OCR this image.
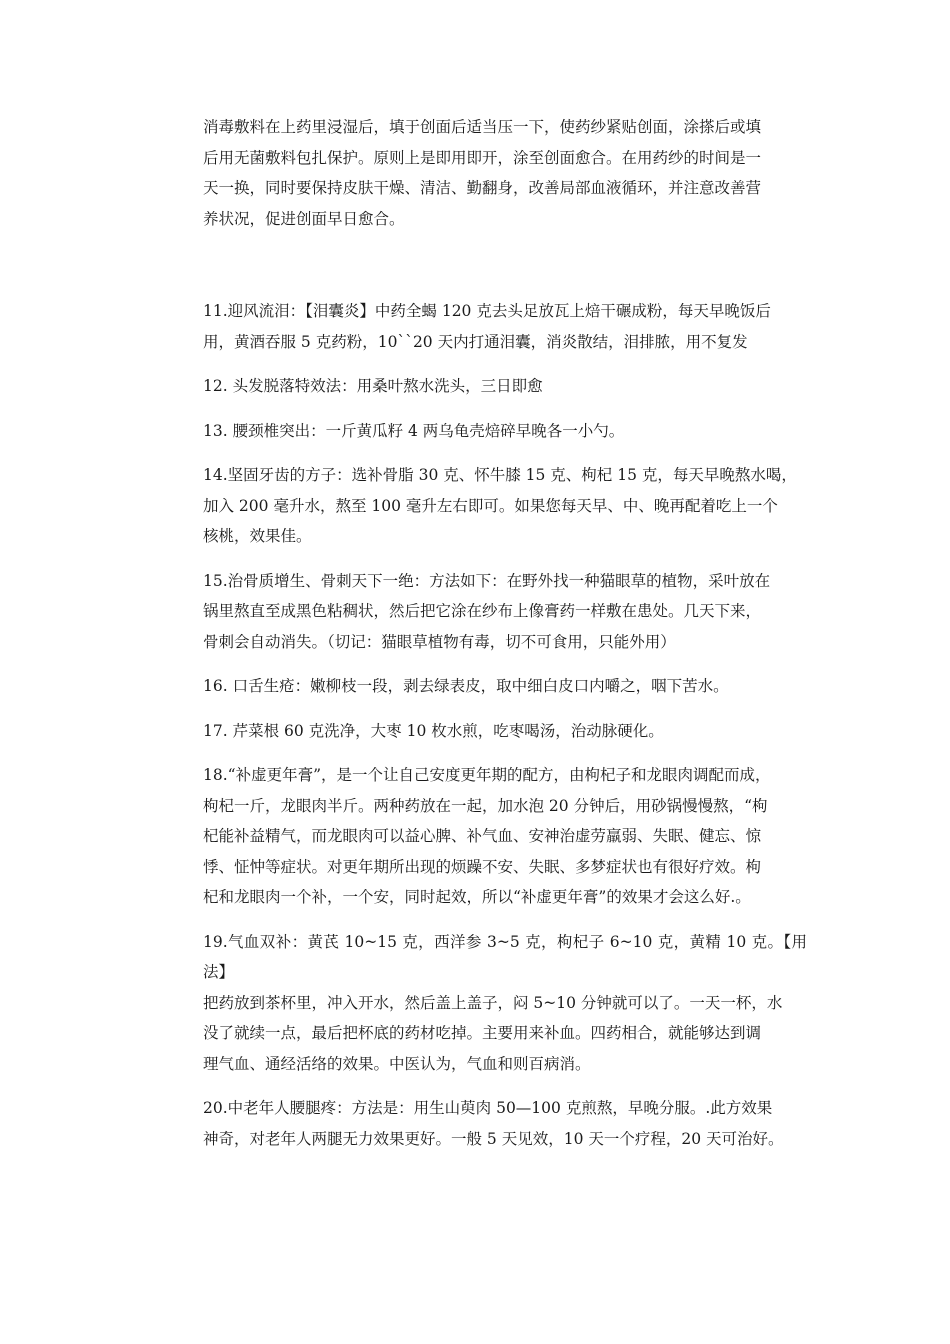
消毒敷料在上药里浸湿后，填于创面后适当压一下，使药纱紧贴创面，涂搽后或填
后用无菌敷料包扎保护。原则上是即用即开，涂至创面愈合。在用药纱的时间是一
天一换，同时要保持皮肤干燥、清洁、勤翻身，改善局部血液循环，并注意改善营
养状况，促进创面早日愈合。

11.迎风流泪：【泪囊炎】中药全蝎 120 克去头足放瓦上焙干碾成粉，每天早晚饭后
用，黄酒吞服 5 克药粉，10``20 天内打通泪囊，消炎散结，泪排脓，用不复发

12. 头发脱落特效法：用桑叶熬水洗头，三日即愈

13. 腰颈椎突出：一斤黄瓜籽 4 两乌龟壳焙碎早晚各一小勺。

14.坚固牙齿的方子：选补骨脂 30 克、怀牛膝 15 克、枸杞 15 克，每天早晚熬水喝，
加入 200 毫升水，熬至 100 毫升左右即可。如果您每天早、中、晚再配着吃上一个
核桃，效果佳。

15.治骨质增生、骨刺天下一绝：方法如下：在野外找一种猫眼草的植物，采叶放在
锅里熬直至成黑色粘稠状，然后把它涂在纱布上像膏药一样敷在患处。几天下来，
骨刺会自动消失。（切记：猫眼草植物有毒，切不可食用，只能外用）

16. 口舌生疮：嫩柳枝一段，剥去绿表皮，取中细白皮口内嚼之，咽下苦水。

17. 芹菜根 60 克洗净，大枣 10 枚水煎，吃枣喝汤，治动脉硬化。

18.“补虚更年膏”，是一个让自己安度更年期的配方，由枸杞子和龙眼肉调配而成，
枸杞一斤，龙眼肉半斤。两种药放在一起，加水泡 20 分钟后，用砂锅慢慢熬，“枸
杞能补益精气，而龙眼肉可以益心脾、补气血、安神治虚劳羸弱、失眠、健忘、惊
悸、怔忡等症状。对更年期所出现的烦躁不安、失眠、多梦症状也有很好疗效。枸
杞和龙眼肉一个补，一个安，同时起效，所以“补虚更年膏”的效果才会这么好.。

19.气血双补：黄芪 10~15 克，西洋参 3~5 克，枸杞子 6~10 克，黄精 10 克。【用法】
把药放到茶杯里，冲入开水，然后盖上盖子，闷 5~10 分钟就可以了。一天一杯，水
没了就续一点，最后把杯底的药材吃掉。主要用来补血。四药相合，就能够达到调
理气血、通经活络的效果。中医认为，气血和则百病消。

20.中老年人腰腿疼：方法是：用生山萸肉 50—100 克煎熬，早晚分服。.此方效果
神奇，对老年人两腿无力效果更好。一般 5 天见效，10 天一个疗程，20 天可治好。
